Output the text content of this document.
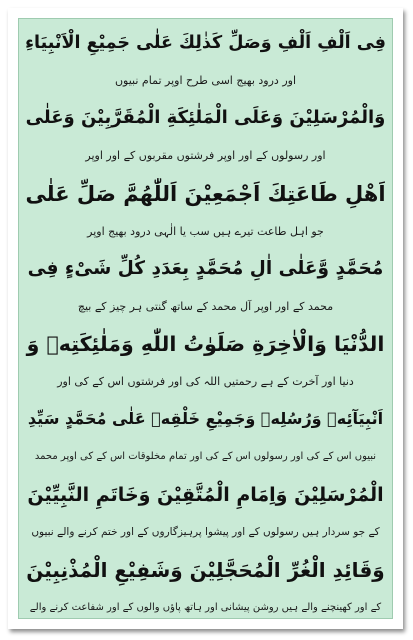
فِى اَلْفِ اَلْفِ وَصَلِّ كَذٰلِكَ عَلٰى جَمِيْعِ الْاَنْبِيَاءِ
اور درود بھیج اسی طرح اوپر تمام نبیوں
وَالْمُرْسَلِيْنَ وَعَلَى الْمَلٰئِكَةِ الْمُقَرَّبِيْنَ وَعَلٰى
اور رسولوں کے اور اوپر فرشتوں مقربوں کے اور اوپر
اَهْلِ طَاعَتِكَ اَجْمَعِيْنَ اَللّٰهُمَّ صَلِّ عَلٰى
جو اہل طاعت تیرے ہیں سب یا الٰہی درود بھیج اوپر
مُحَمَّدٍ وَّعَلٰى اٰلِ مُحَمَّدٍ بِعَدَدِ كُلِّ شَىْءٍ فِى
محمد کے اور اوپر آل محمد کے ساتھ گنتی ہر چیز کے بیچ
الدُّنْيَا وَالْاٰخِرَةِ صَلَوٰتُ اللّٰهِ وَمَلٰئِكَتِهٖ وَ
دنیا اور آخرت کے ہے رحمتیں اللہ کی اور فرشتوں اس کے کی اور
اَنْبِيَآئِهٖ وَرُسُلِهٖ وَجَمِيْعِ خَلْقِهٖ عَلٰى مُحَمَّدٍ سَيِّدِ
نبیوں اس کے کی اور رسولوں اس کے کی اور تمام مخلوقات اس کے کی اوپر محمد
الْمُرْسَلِيْنَ وَاِمَامِ الْمُتَّقِيْنَ وَخَاتَمِ النَّبِيِّيْنَ
کے جو سردار ہیں رسولوں کے اور پیشوا پرہیزگاروں کے اور ختم کرنے والے نبیوں
وَقَائِدِ الْغُرِّ الْمُحَجَّلِيْنَ وَشَفِيْعِ الْمُذْنِبِيْنَ
کے اور کھینچنے والے ہیں روشن پیشانی اور ہاتھ پاؤں والوں کے اور شفاعت کرنے والے
